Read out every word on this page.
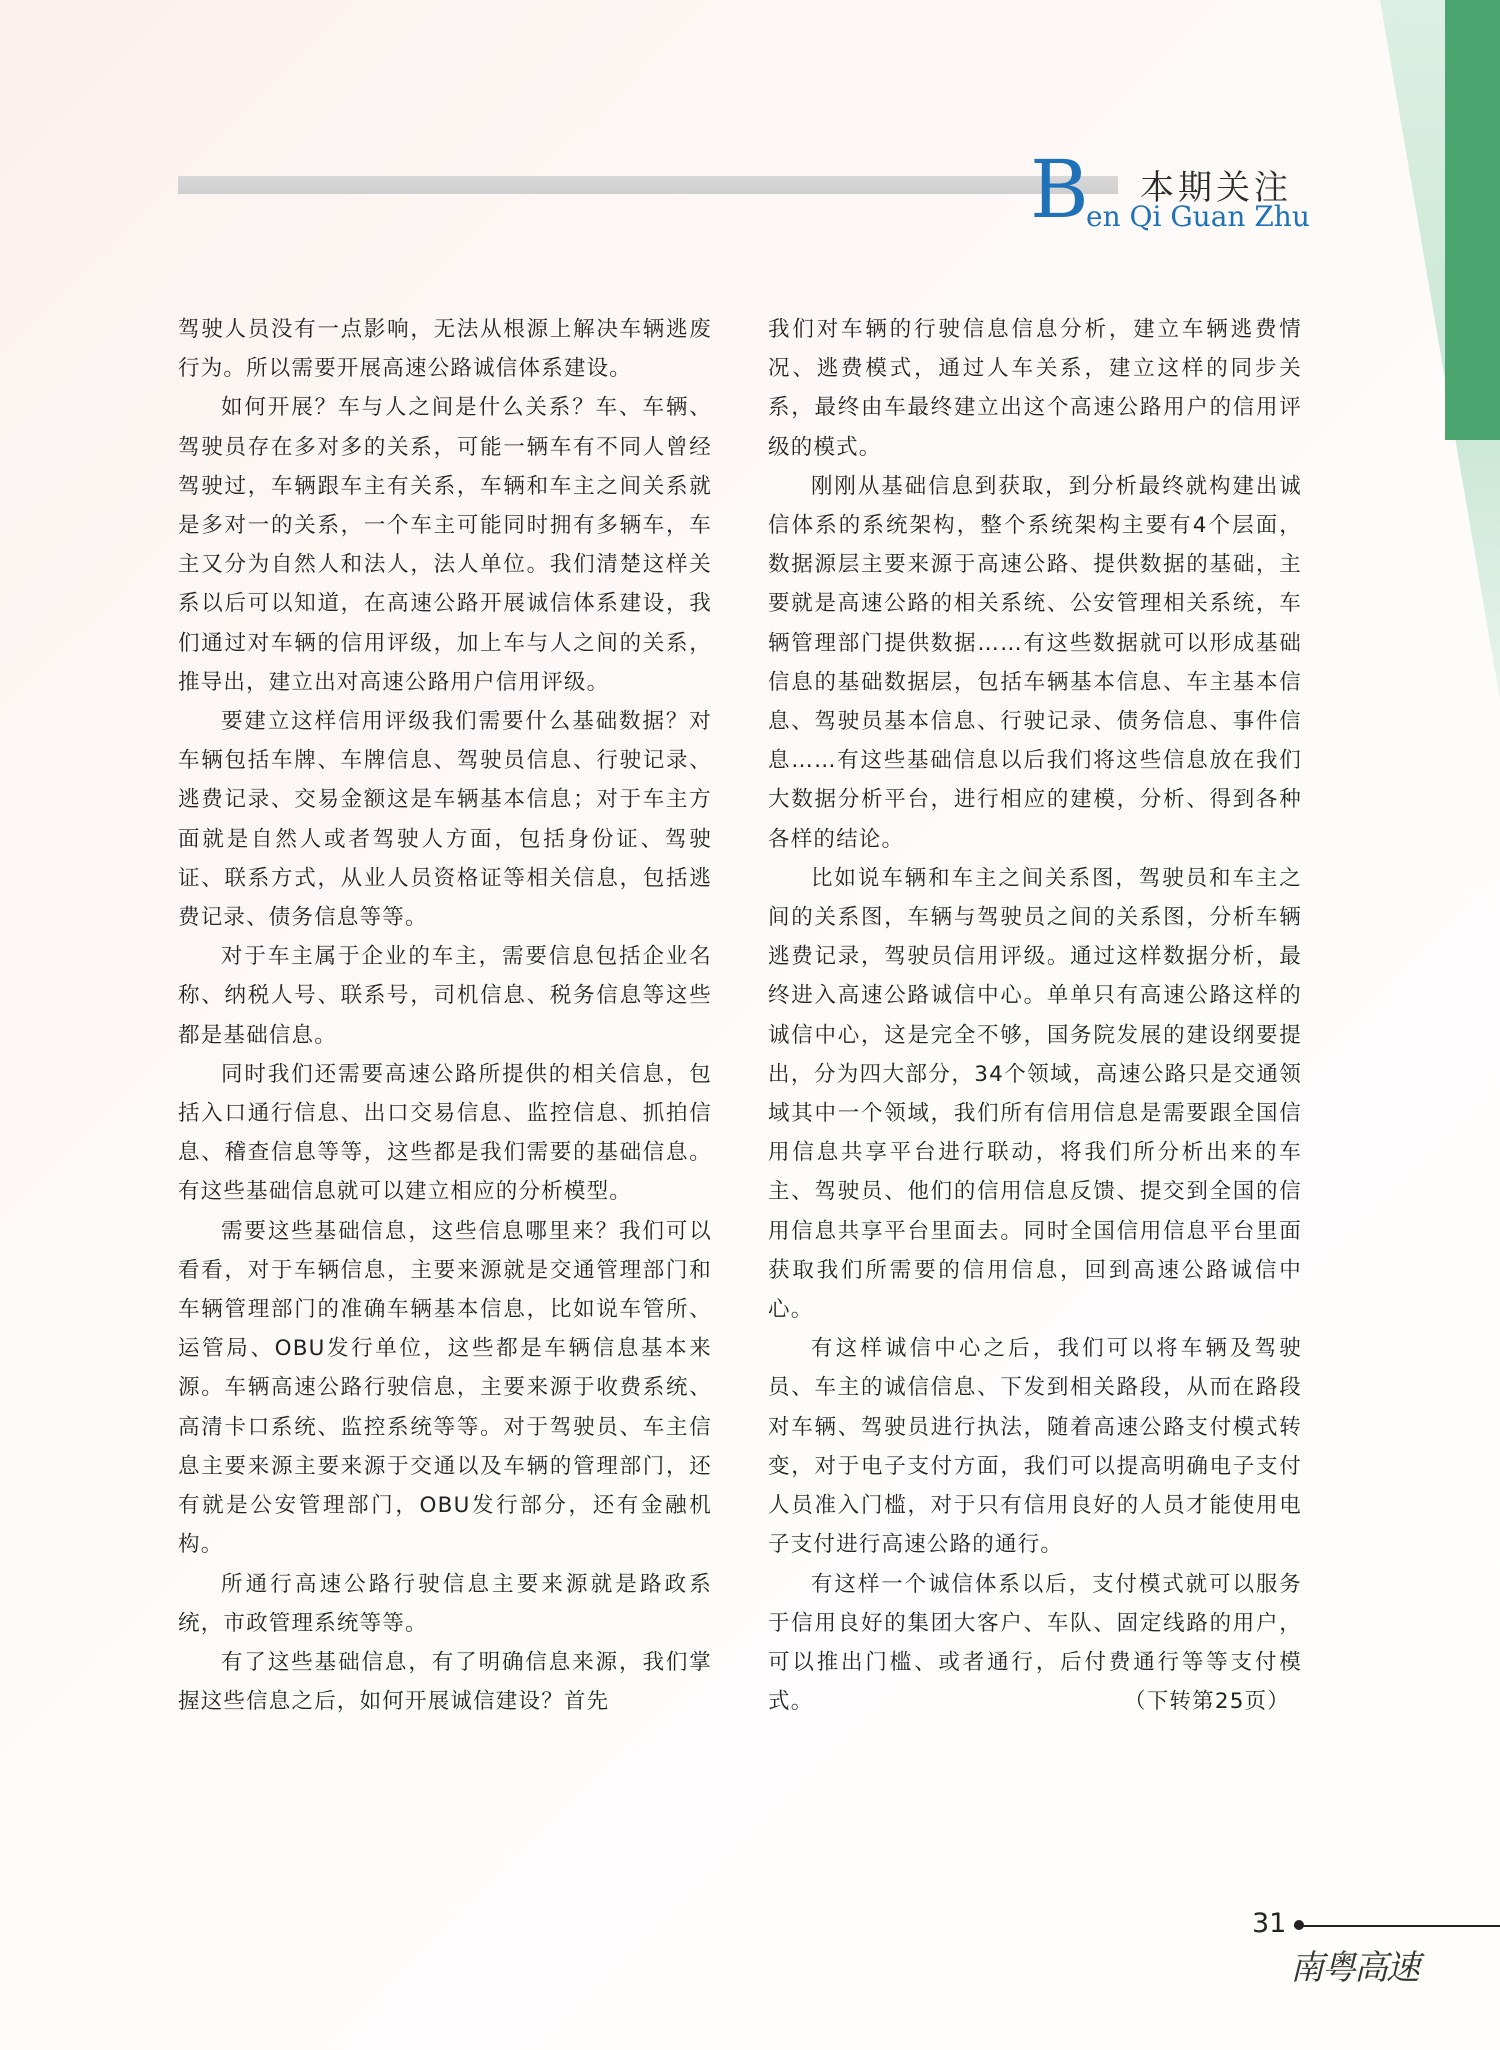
B 本期关注
en Qi Guan Zhu

驾驶人员没有一点影响，无法从根源上解决车辆逃废行为。所以需要开展高速公路诚信体系建设。

如何开展？车与人之间是什么关系？车、车辆、驾驶员存在多对多的关系，可能一辆车有不同人曾经驾驶过，车辆跟车主有关系，车辆和车主之间关系就是多对一的关系，一个车主可能同时拥有多辆车，车主又分为自然人和法人，法人单位。我们清楚这样关系以后可以知道，在高速公路开展诚信体系建设，我们通过对车辆的信用评级，加上车与人之间的关系，推导出，建立出对高速公路用户信用评级。

要建立这样信用评级我们需要什么基础数据？对车辆包括车牌、车牌信息、驾驶员信息、行驶记录、逃费记录、交易金额这是车辆基本信息；对于车主方面就是自然人或者驾驶人方面，包括身份证、驾驶证、联系方式，从业人员资格证等相关信息，包括逃费记录、债务信息等等。

对于车主属于企业的车主，需要信息包括企业名称、纳税人号、联系号，司机信息、税务信息等这些都是基础信息。

同时我们还需要高速公路所提供的相关信息，包括入口通行信息、出口交易信息、监控信息、抓拍信息、稽查信息等等，这些都是我们需要的基础信息。有这些基础信息就可以建立相应的分析模型。

需要这些基础信息，这些信息哪里来？我们可以看看，对于车辆信息，主要来源就是交通管理部门和车辆管理部门的准确车辆基本信息，比如说车管所、运管局、OBU发行单位，这些都是车辆信息基本来源。车辆高速公路行驶信息，主要来源于收费系统、高清卡口系统、监控系统等等。对于驾驶员、车主信息主要来源主要来源于交通以及车辆的管理部门，还有就是公安管理部门，OBU发行部分，还有金融机构。

所通行高速公路行驶信息主要来源就是路政系统，市政管理系统等等。

有了这些基础信息，有了明确信息来源，我们掌握这些信息之后，如何开展诚信建设？首先

我们对车辆的行驶信息信息分析，建立车辆逃费情况、逃费模式，通过人车关系，建立这样的同步关系，最终由车最终建立出这个高速公路用户的信用评级的模式。

刚刚从基础信息到获取，到分析最终就构建出诚信体系的系统架构，整个系统架构主要有4个层面，数据源层主要来源于高速公路、提供数据的基础，主要就是高速公路的相关系统、公安管理相关系统，车辆管理部门提供数据……有这些数据就可以形成基础信息的基础数据层，包括车辆基本信息、车主基本信息、驾驶员基本信息、行驶记录、债务信息、事件信息……有这些基础信息以后我们将这些信息放在我们大数据分析平台，进行相应的建模，分析、得到各种各样的结论。

比如说车辆和车主之间关系图，驾驶员和车主之间的关系图，车辆与驾驶员之间的关系图，分析车辆逃费记录，驾驶员信用评级。通过这样数据分析，最终进入高速公路诚信中心。单单只有高速公路这样的诚信中心，这是完全不够，国务院发展的建设纲要提出，分为四大部分，34个领域，高速公路只是交通领域其中一个领域，我们所有信用信息是需要跟全国信用信息共享平台进行联动，将我们所分析出来的车主、驾驶员、他们的信用信息反馈、提交到全国的信用信息共享平台里面去。同时全国信用信息平台里面获取我们所需要的信用信息，回到高速公路诚信中心。

有这样诚信中心之后，我们可以将车辆及驾驶员、车主的诚信信息、下发到相关路段，从而在路段对车辆、驾驶员进行执法，随着高速公路支付模式转变，对于电子支付方面，我们可以提高明确电子支付人员准入门槛，对于只有信用良好的人员才能使用电子支付进行高速公路的通行。

有这样一个诚信体系以后，支付模式就可以服务于信用良好的集团大客户、车队、固定线路的用户，可以推出门槛、或者通行，后付费通行等等支付模式。	（下转第25页）
31
南粤高速
